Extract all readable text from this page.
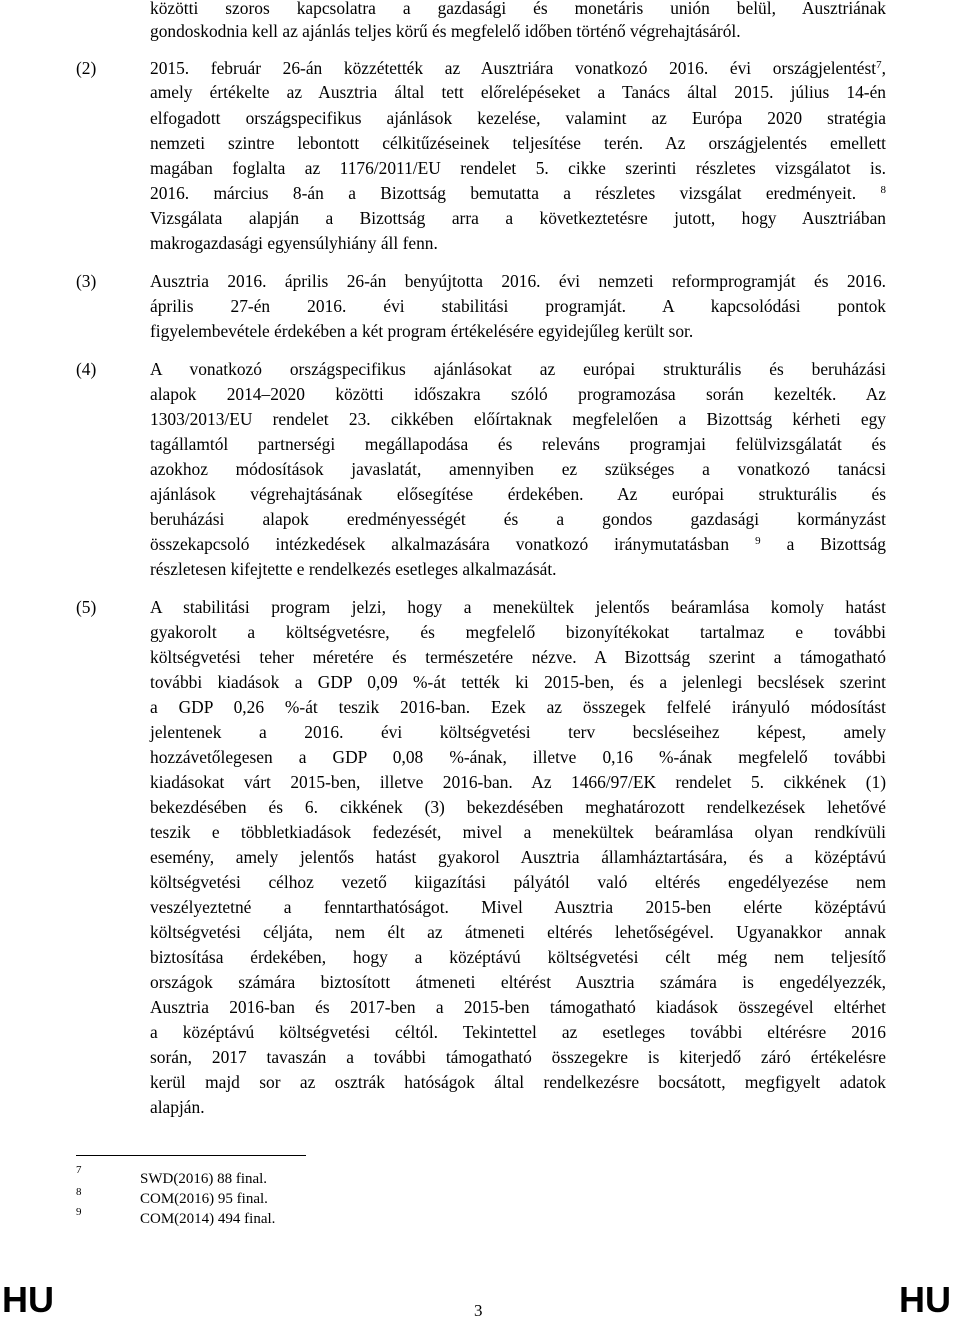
közötti szoros kapcsolatra a gazdasági és monetáris unión belül, Ausztriának
gondoskodnia kell az ajánlás teljes körű és megfelelő időben történő végrehajtásáról.
(2)	2015. február 26-án közzétették az Ausztriára vonatkozó 2016. évi országjelentést$^7$,
amely értékelte az Ausztria által tett előrelépéseket a Tanács által 2015. július 14-én
elfogadott országspecifikus ajánlások kezelése, valamint az Európa 2020 stratégia
nemzeti szintre lebontott célkitűzéseinek teljesítése terén. Az országjelentés emellett
magában foglalta az 1176/2011/EU rendelet 5. cikke szerinti részletes vizsgálatot is.
2016. március 8-án a Bizottság bemutatta a részletes vizsgálat eredményeit. $^8$
Vizsgálata alapján a Bizottság arra a következtetésre jutott, hogy Ausztriában
makrogazdasági egyensúlyhiány áll fenn.
(3)	Ausztria 2016. április 26-án benyújtotta 2016. évi nemzeti reformprogramját és 2016.
április 27-én 2016. évi stabilitási programját. A kapcsolódási pontok
figyelembevétele érdekében a két program értékelésére egyidejűleg került sor.
(4)	A vonatkozó országspecifikus ajánlásokat az európai strukturális és beruházási
alapok 2014–2020 közötti időszakra szóló programozása során kezelték. Az
1303/2013/EU rendelet 23. cikkében előírtaknak megfelelően a Bizottság kérheti egy
tagállamtól partnerségi megállapodása és releváns programjai felülvizsgálatát és
azokhoz módosítások javaslatát, amennyiben ez szükséges a vonatkozó tanácsi
ajánlások végrehajtásának elősegítése érdekében. Az európai strukturális és
beruházási alapok eredményességét és a gondos gazdasági kormányzást
összekapcsoló intézkedések alkalmazására vonatkozó iránymutatásban $^9$ a Bizottság
részletesen kifejtette e rendelkezés esetleges alkalmazását.
(5)	A stabilitási program jelzi, hogy a menekültek jelentős beáramlása komoly hatást
gyakorolt a költségvetésre, és megfelelő bizonyítékokat tartalmaz e további
költségvetési teher méretére és természetére nézve. A Bizottság szerint a támogatható
további kiadások a GDP 0,09 %-át tették ki 2015-ben, és a jelenlegi becslések szerint
a GDP 0,26 %-át teszik 2016-ban. Ezek az összegek felfelé irányuló módosítást
jelentenek a 2016. évi költségvetési terv becsléseihez képest, amely
hozzávetőlegesen a GDP 0,08 %-ának, illetve 0,16 %-ának megfelelő további
kiadásokat várt 2015-ben, illetve 2016-ban. Az 1466/97/EK rendelet 5. cikkének (1)
bekezdésében és 6. cikkének (3) bekezdésében meghatározott rendelkezések lehetővé
teszik e többletkiadások fedezését, mivel a menekültek beáramlása olyan rendkívüli
esemény, amely jelentős hatást gyakorol Ausztria államháztartására, és a középtávú
költségvetési célhoz vezető kiigazítási pályától való eltérés engedélyezése nem
veszélyeztetné a fenntarthatóságot. Mivel Ausztria 2015-ben elérte középtávú
költségvetési céljáta, nem élt az átmeneti eltérés lehetőségével. Ugyanakkor annak
biztosítása érdekében, hogy a középtávú költségvetési célt még nem teljesítő
országok számára biztosított átmeneti eltérést Ausztria számára is engedélyezzék,
Ausztria 2016-ban és 2017-ben a 2015-ben támogatható kiadások összegével eltérhet
a középtávú költségvetési céltól. Tekintettel az esetleges további eltérésre 2016
során, 2017 tavaszán a további támogatható összegekre is kiterjedő záró értékelésre
kerül majd sor az osztrák hatóságok által rendelkezésre bocsátott, megfigyelt adatok
alapján.
7
SWD(2016) 88 final.
8	COM(2016) 95 final.
9	COM(2014) 494 final.
HU	3	HU
